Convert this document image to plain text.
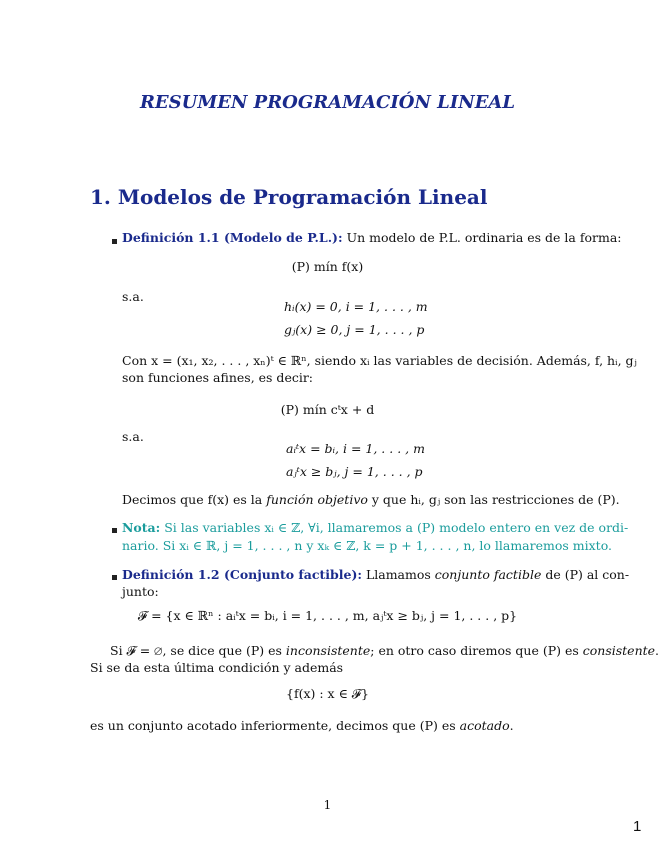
RESUMEN PROGRAMACIÓN LINEAL
1. Modelos de Programación Lineal
Definición 1.1 (Modelo de P.L.): Un modelo de P.L. ordinaria es de la forma:
(P) mín f(x)
s.a.
hᵢ(x) = 0, i = 1, . . . , m
gⱼ(x) ≥ 0, j = 1, . . . , p
Con x = (x₁, x₂, . . . , xₙ)ᵗ ∈ ℝⁿ, siendo xᵢ las variables de decisión. Además, f, hᵢ, gⱼ
son funciones afines, es decir:
(P) mín cᵗx + d
s.a.
aᵢᵗx = bᵢ, i = 1, . . . , m
aⱼᵗx ≥ bⱼ, j = 1, . . . , p
Decimos que f(x) es la función objetivo y que hᵢ, gⱼ son las restricciones de (P).
Nota: Si las variables xᵢ ∈ ℤ, ∀i, llamaremos a (P) modelo entero en vez de ordi-
nario. Si xᵢ ∈ ℝ, j = 1, . . . , n y xₖ ∈ ℤ, k = p + 1, . . . , n, lo llamaremos mixto.
Definición 1.2 (Conjunto factible): Llamamos conjunto factible de (P) al con-
junto:
𝓕 = {x ∈ ℝⁿ : aᵢᵗx = bᵢ, i = 1, . . . , m, aⱼᵗx ≥ bⱼ, j = 1, . . . , p}
Si 𝓕 = ∅, se dice que (P) es inconsistente; en otro caso diremos que (P) es consistente.
Si se da esta última condición y además
{f(x) : x ∈ 𝓕}
es un conjunto acotado inferiormente, decimos que (P) es acotado.
1
1
